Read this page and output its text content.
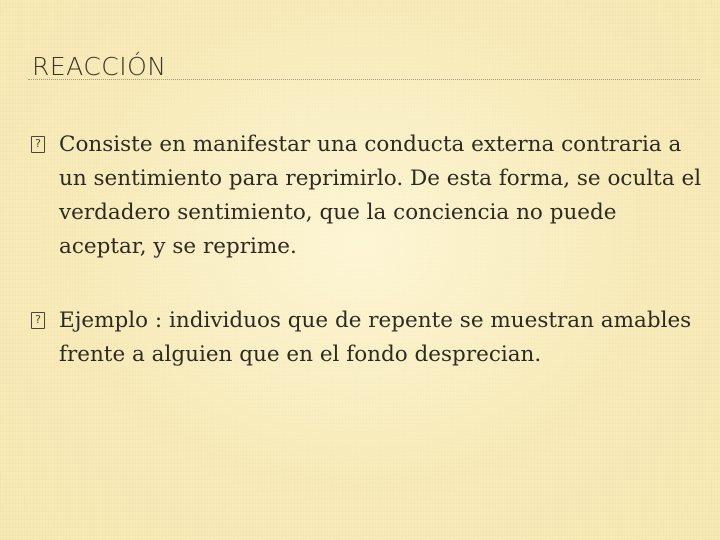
REACCIÓN
? Consiste en manifestar una conducta externa contraria a un sentimiento para reprimirlo. De esta forma, se oculta el verdadero sentimiento, que la conciencia no puede aceptar, y se reprime.
? Ejemplo : individuos que de repente se muestran amables frente a alguien que en el fondo desprecian.
